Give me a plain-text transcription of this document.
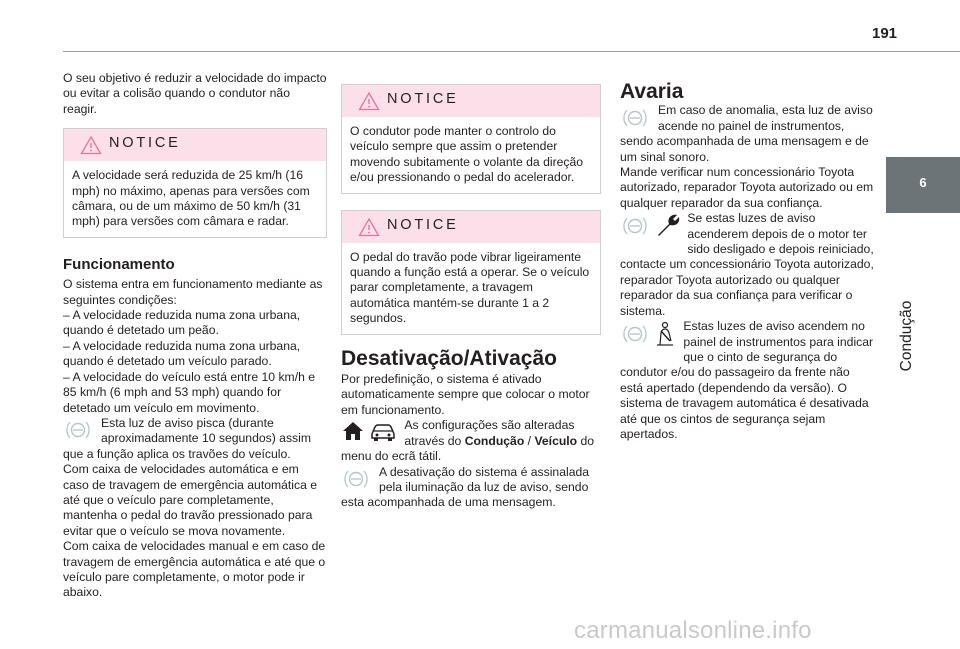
191
6
Condução

O seu objetivo é reduzir a velocidade do impacto ou evitar a colisão quando o condutor não reagir.

NOTICE

A velocidade será reduzida de 25 km/h (16 mph) no máximo, apenas para versões com câmara, ou de um máximo de 50 km/h (31 mph) para versões com câmara e radar.

Funcionamento

O sistema entra em funcionamento mediante as seguintes condições:

– A velocidade reduzida numa zona urbana, quando é detetado um peão.

– A velocidade reduzida numa zona urbana, quando é detetado um veículo parado.

– A velocidade do veículo está entre 10 km/h e 85 km/h (6 mph and 53 mph) quando for detetado um veículo em movimento.

Esta luz de aviso pisca (durante aproximadamente 10 segundos) assim que a função aplica os travões do veículo.

Com caixa de velocidades automática e em caso de travagem de emergência automática e até que o veículo pare completamente, mantenha o pedal do travão pressionado para evitar que o veículo se mova novamente.

Com caixa de velocidades manual e em caso de travagem de emergência automática e até que o veículo pare completamente, o motor pode ir abaixo.

NOTICE

O condutor pode manter o controlo do veículo sempre que assim o pretender movendo subitamente o volante da direção e/ou pressionando o pedal do acelerador.

NOTICE

O pedal do travão pode vibrar ligeiramente quando a função está a operar. Se o veículo parar completamente, a travagem automática mantém-se durante 1 a 2 segundos.

Desativação/Ativação

Por predefinição, o sistema é ativado automaticamente sempre que colocar o motor em funcionamento.

As configurações são alteradas através do Condução / Veículo do menu do ecrã tátil.

A desativação do sistema é assinalada pela iluminação da luz de aviso, sendo esta acompanhada de uma mensagem.

Avaria

Em caso de anomalia, esta luz de aviso acende no painel de instrumentos, sendo acompanhada de uma mensagem e de um sinal sonoro.

Mande verificar num concessionário Toyota autorizado, reparador Toyota autorizado ou em qualquer reparador da sua confiança.

Se estas luzes de aviso acenderem depois de o motor ter sido desligado e depois reiniciado, contacte um concessionário Toyota autorizado, reparador Toyota autorizado ou qualquer reparador da sua confiança para verificar o sistema.

Estas luzes de aviso acendem no painel de instrumentos para indicar que o cinto de segurança do condutor e/ou do passageiro da frente não está apertado (dependendo da versão). O sistema de travagem automática é desativada até que os cintos de segurança sejam apertados.

carmanualsonline.info
